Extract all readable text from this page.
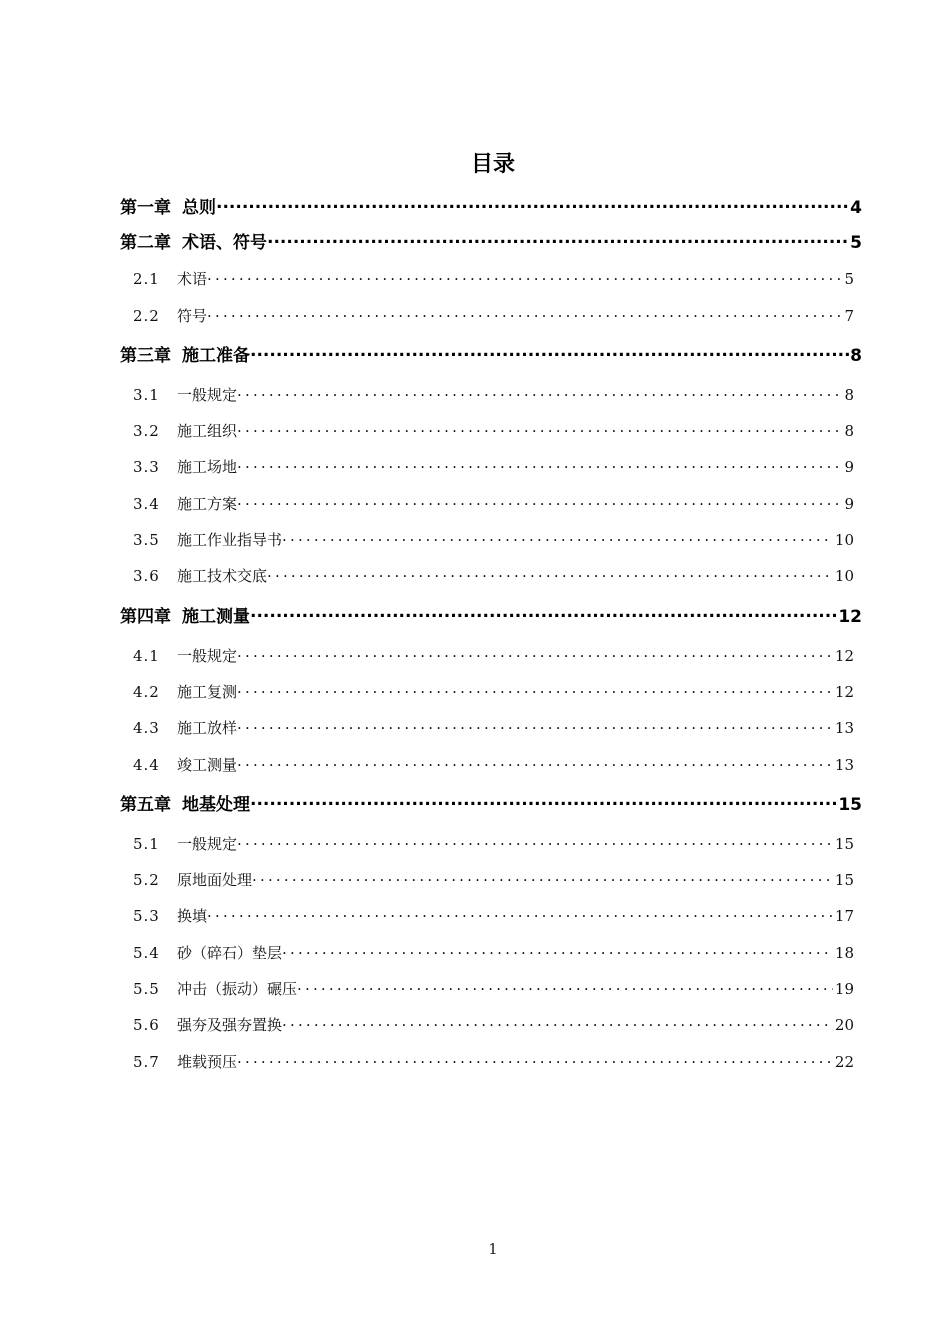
目录
第一章 总则 .....	4
第二章 术语、符号 .....	5
2.1	术语 .....	5
2.2	符号 .....	7
第三章 施工准备 .....	8
3.1	一般规定 .....	8
3.2	施工组织 .....	8
3.3	施工场地 .....	9
3.4	施工方案 .....	9
3.5	施工作业指导书 .....	10
3.6	施工技术交底 .....	10
第四章 施工测量 .....	12
4.1	一般规定 .....	12
4.2	施工复测 .....	12
4.3	施工放样 .....	13
4.4	竣工测量 .....	13
第五章 地基处理 .....	15
5.1	一般规定 .....	15
5.2	原地面处理 .....	15
5.3	换填 .....	17
5.4	砂（碎石）垫层 .....	18
5.5	冲击（振动）碾压 .....	19
5.6	强夯及强夯置换 .....	20
5.7	堆载预压 .....	22
1
